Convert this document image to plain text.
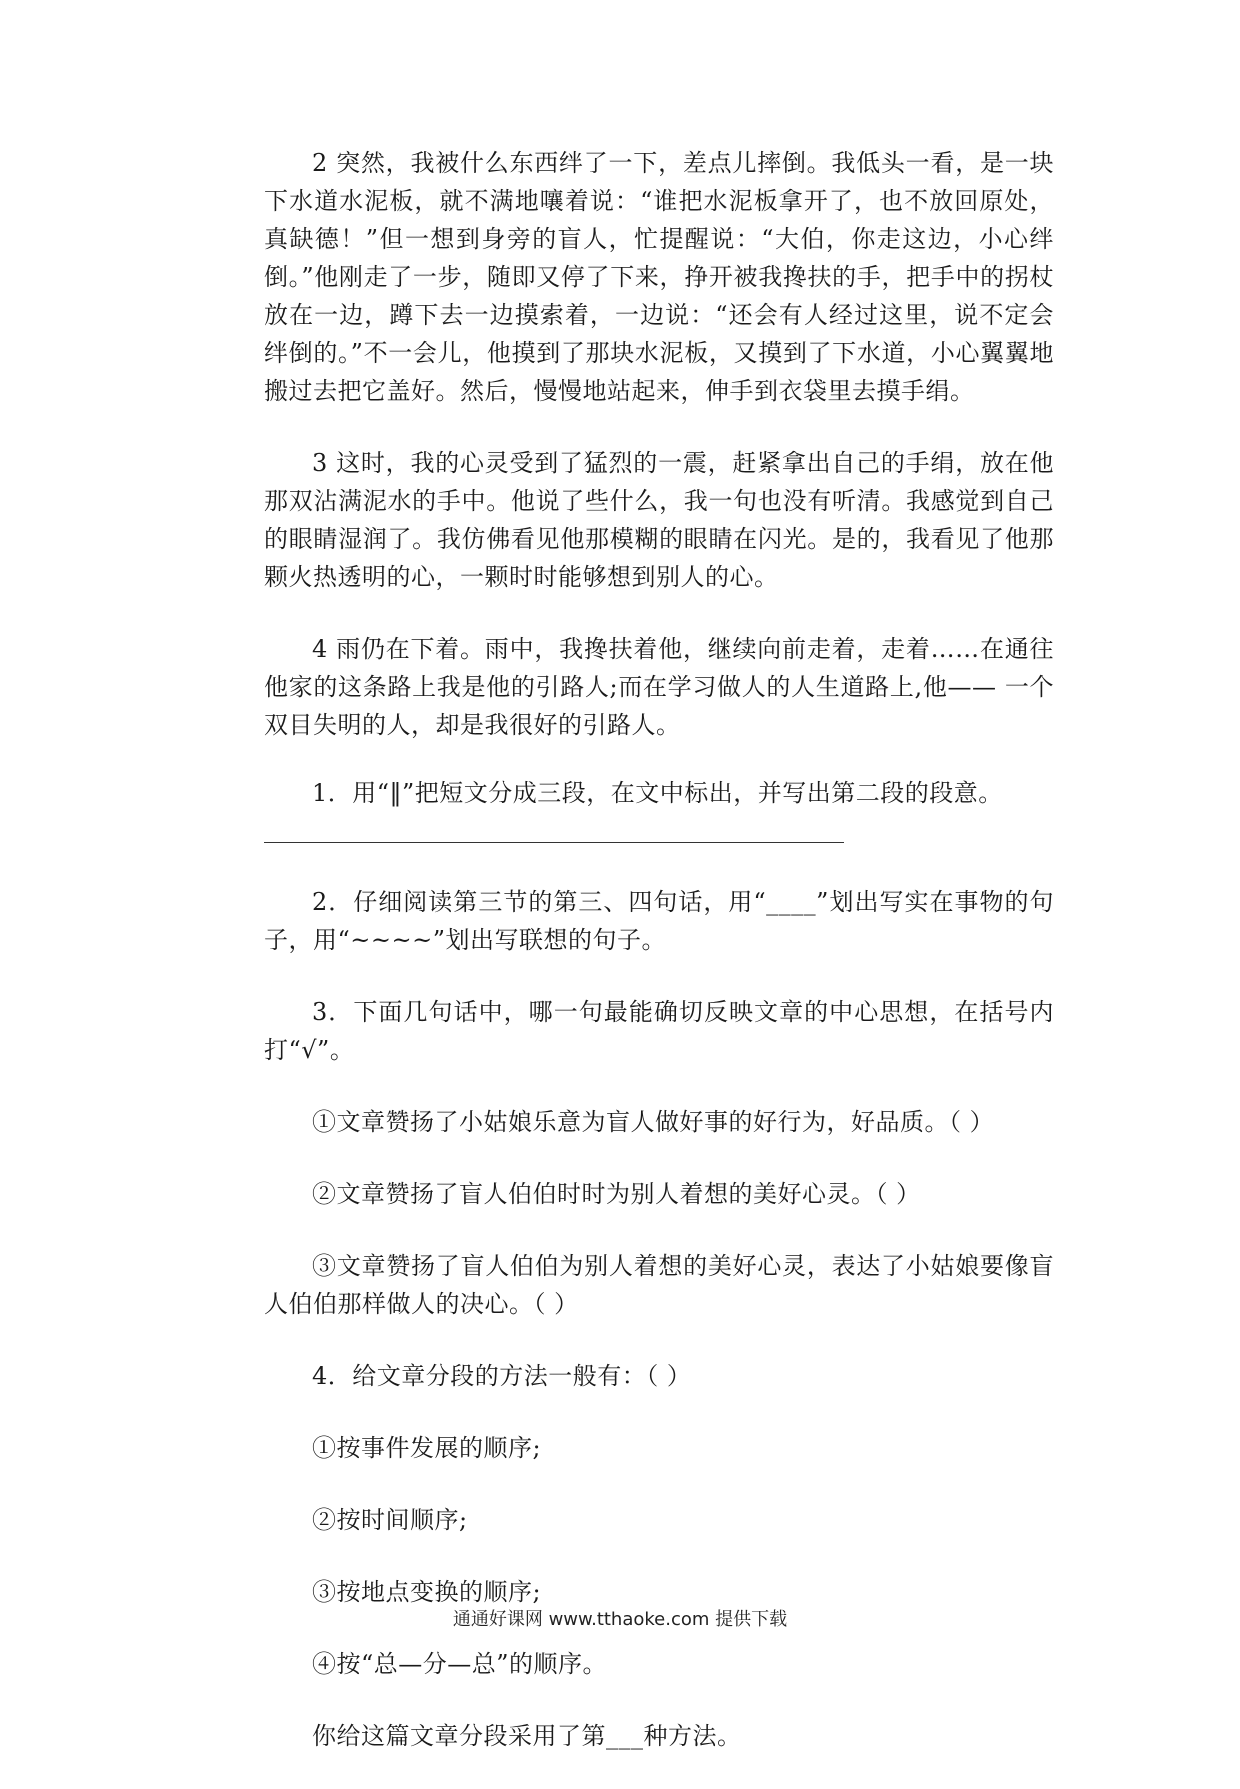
2 突然，我被什么东西绊了一下，差点儿摔倒。我低头一看，是一块下水道水泥板，就不满地嚷着说：“谁把水泥板拿开了，也不放回原处，真缺德！”但一想到身旁的盲人，忙提醒说：“大伯，你走这边，小心绊倒。”他刚走了一步，随即又停了下来，挣开被我搀扶的手，把手中的拐杖放在一边，蹲下去一边摸索着，一边说：“还会有人经过这里，说不定会绊倒的。”不一会儿，他摸到了那块水泥板，又摸到了下水道，小心翼翼地搬过去把它盖好。然后，慢慢地站起来，伸手到衣袋里去摸手绢。

3 这时，我的心灵受到了猛烈的一震，赶紧拿出自己的手绢，放在他那双沾满泥水的手中。他说了些什么，我一句也没有听清。我感觉到自己的眼睛湿润了。我仿佛看见他那模糊的眼睛在闪光。是的，我看见了他那颗火热透明的心，一颗时时能够想到别人的心。

4 雨仍在下着。雨中，我搀扶着他，继续向前走着，走着……在通往他家的这条路上我是他的引路人;而在学习做人的人生道路上,他—— 一个双目失明的人，却是我很好的引路人。

1．用“‖”把短文分成三段，在文中标出，并写出第二段的段意。

2．仔细阅读第三节的第三、四句话，用“____”划出写实在事物的句子，用“~~~~”划出写联想的句子。

3．下面几句话中，哪一句最能确切反映文章的中心思想，在括号内打“√”。

①文章赞扬了小姑娘乐意为盲人做好事的好行为，好品质。（ ）

②文章赞扬了盲人伯伯时时为别人着想的美好心灵。（ ）

③文章赞扬了盲人伯伯为别人着想的美好心灵，表达了小姑娘要像盲人伯伯那样做人的决心。（ ）

4．给文章分段的方法一般有：（ ）

①按事件发展的顺序;

②按时间顺序;

③按地点变换的顺序;

④按“总—分—总”的顺序。

你给这篇文章分段采用了第___种方法。

通通好课网 www.tthaoke.com 提供下载
